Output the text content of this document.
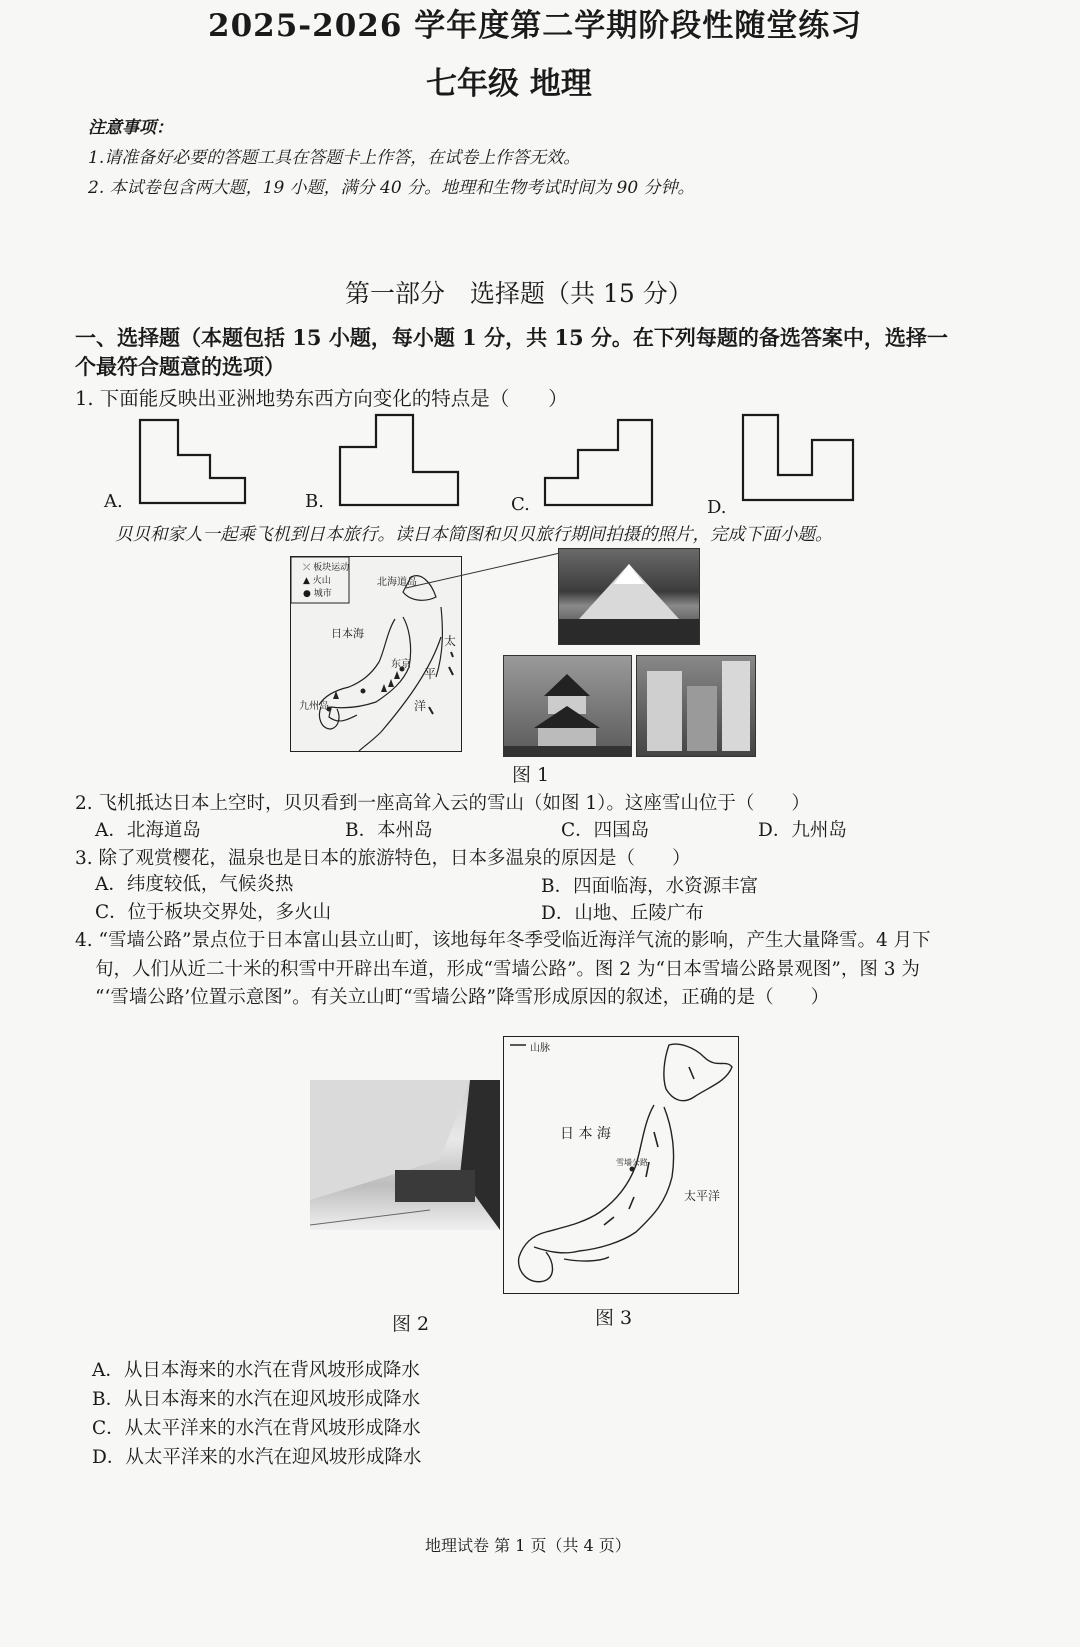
2025-2026 学年度第二学期阶段性随堂练习
七年级 地理
注意事项：
1.请准备好必要的答题工具在答题卡上作答，在试卷上作答无效。
2. 本试卷包含两大题，19 小题，满分 40 分。地理和生物考试时间为 90 分钟。
第一部分　选择题（共 15 分）
一、选择题（本题包括 15 小题，每小题 1 分，共 15 分。在下列每题的备选答案中，选择一
个最符合题意的选项）
1. 下面能反映出亚洲地势东西方向变化的特点是（　　）
A.	B.	C.	D.
贝贝和家人一起乘飞机到日本旅行。读日本简图和贝贝旅行期间拍摄的照片，完成下面小题。
⤫ 板块运动
▲ 火山
● 城市
北海道岛
日本海
东京
九州岛
太
平
洋
图 1
2. 飞机抵达日本上空时，贝贝看到一座高耸入云的雪山（如图 1）。这座雪山位于（　　）
A．北海道岛	B．本州岛	C．四国岛	D．九州岛
3. 除了观赏樱花，温泉也是日本的旅游特色，日本多温泉的原因是（　　）
A．纬度较低，气候炎热	B．四面临海，水资源丰富
C．位于板块交界处，多火山	D．山地、丘陵广布
4. “雪墙公路”景点位于日本富山县立山町，该地每年冬季受临近海洋气流的影响，产生大量降雪。4 月下
旬，人们从近二十米的积雪中开辟出车道，形成“雪墙公路”。图 2 为“日本雪墙公路景观图”，图 3 为
“‘雪墙公路’位置示意图”。有关立山町“雪墙公路”降雪形成原因的叙述，正确的是（　　）
山脉
日 本 海
雪墙公路
太平洋
图 2	图 3
A．从日本海来的水汽在背风坡形成降水
B．从日本海来的水汽在迎风坡形成降水
C．从太平洋来的水汽在背风坡形成降水
D．从太平洋来的水汽在迎风坡形成降水
地理试卷 第 1 页（共 4 页）
